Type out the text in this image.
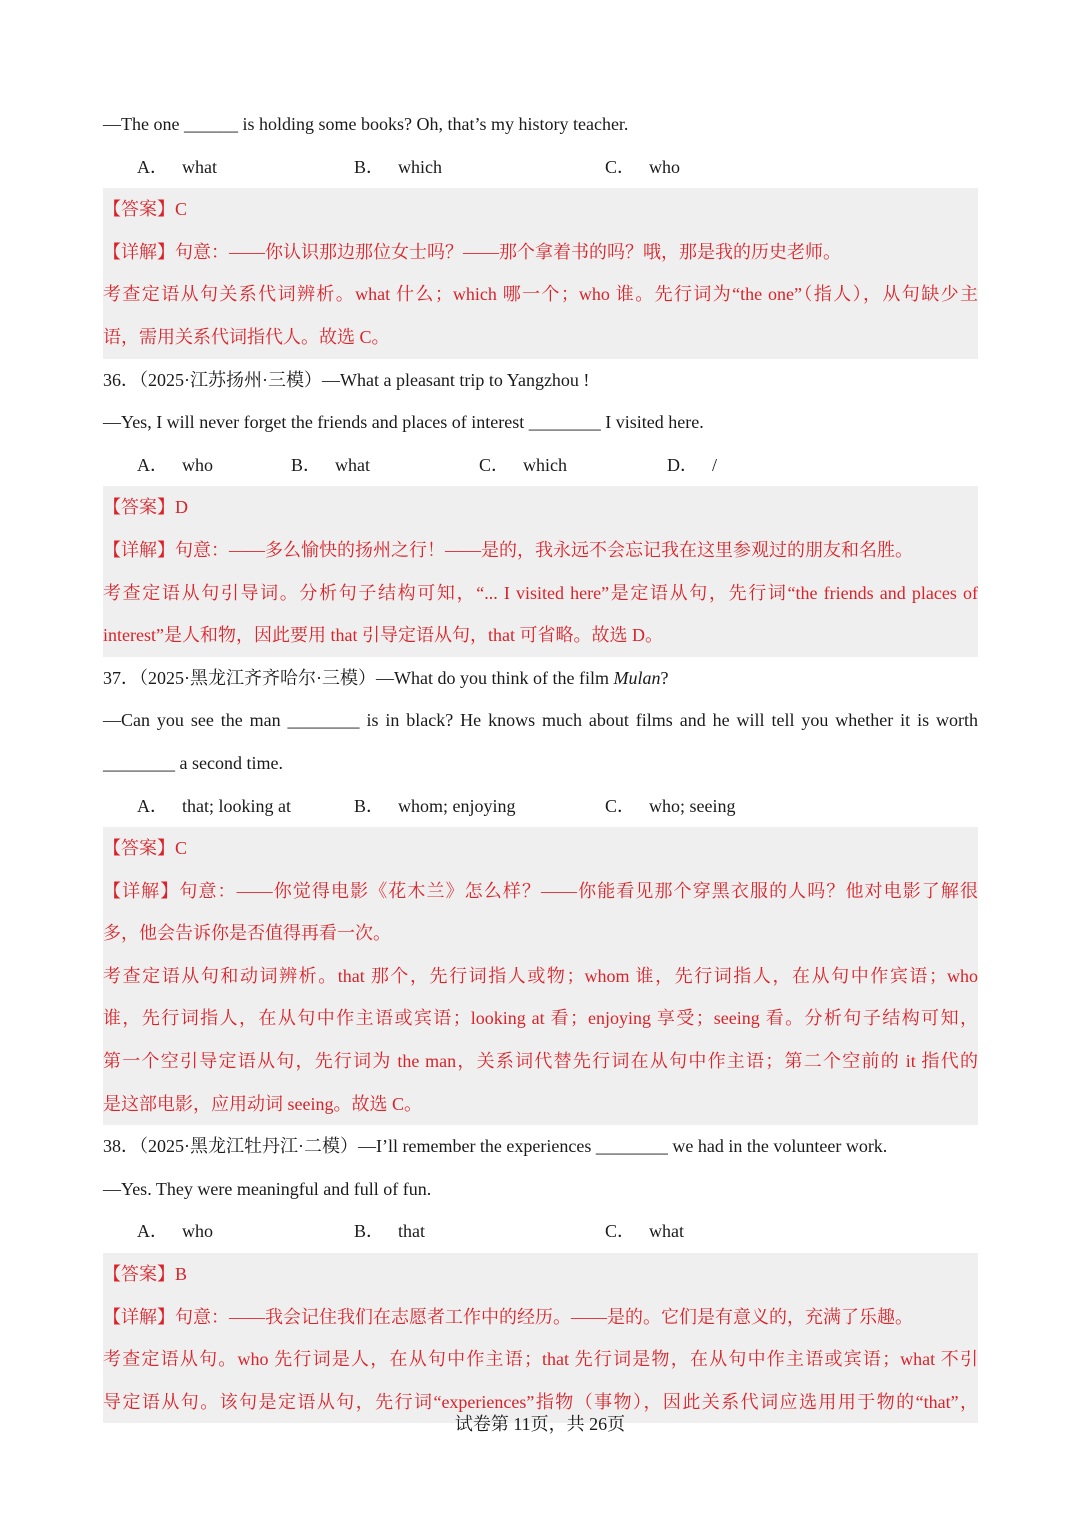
—The one ______ is holding some books? Oh, that’s my history teacher.
A． what	B． which	C． who
【答案】C
【详解】句意：——你认识那边那位女士吗？——那个拿着书的吗？哦，那是我的历史老师。
考查定语从句关系代词辨析。what 什么；which 哪一个；who 谁。先行词为“the one”（指人），从句缺少主
语，需用关系代词指代人。故选 C。
36．（2025·江苏扬州·三模）—What a pleasant trip to Yangzhou !
—Yes, I will never forget the friends and places of interest ________ I visited here.
A． who	B． what	C． which	D． /
【答案】D
【详解】句意：——多么愉快的扬州之行！——是的，我永远不会忘记我在这里参观过的朋友和名胜。
考查定语从句引导词。分析句子结构可知，“... I visited here”是定语从句，先行词“the friends and places of
interest”是人和物，因此要用 that 引导定语从句，that 可省略。故选 D。
37．（2025·黑龙江齐齐哈尔·三模）—What do you think of the film Mulan?
—Can you see the man ________ is in black? He knows much about films and he will tell you whether it is worth
________ a second time.
A． that; looking at	B． whom; enjoying	C． who; seeing
【答案】C
【详解】句意：——你觉得电影《花木兰》怎么样？——你能看见那个穿黑衣服的人吗？他对电影了解很
多，他会告诉你是否值得再看一次。
考查定语从句和动词辨析。that 那个，先行词指人或物；whom 谁，先行词指人，在从句中作宾语；who
谁，先行词指人，在从句中作主语或宾语；looking at 看；enjoying 享受；seeing 看。分析句子结构可知，
第一个空引导定语从句，先行词为 the man，关系词代替先行词在从句中作主语；第二个空前的 it 指代的
是这部电影，应用动词 seeing。故选 C。
38．（2025·黑龙江牡丹江·二模）—I’ll remember the experiences ________ we had in the volunteer work.
—Yes. They were meaningful and full of fun.
A． who	B． that	C． what
【答案】B
【详解】句意：——我会记住我们在志愿者工作中的经历。——是的。它们是有意义的，充满了乐趣。
考查定语从句。who 先行词是人，在从句中作主语；that 先行词是物，在从句中作主语或宾语；what 不引
导定语从句。该句是定语从句，先行词“experiences”指物（事物），因此关系代词应选用用于物的“that”，
试卷第 11页，共 26页
